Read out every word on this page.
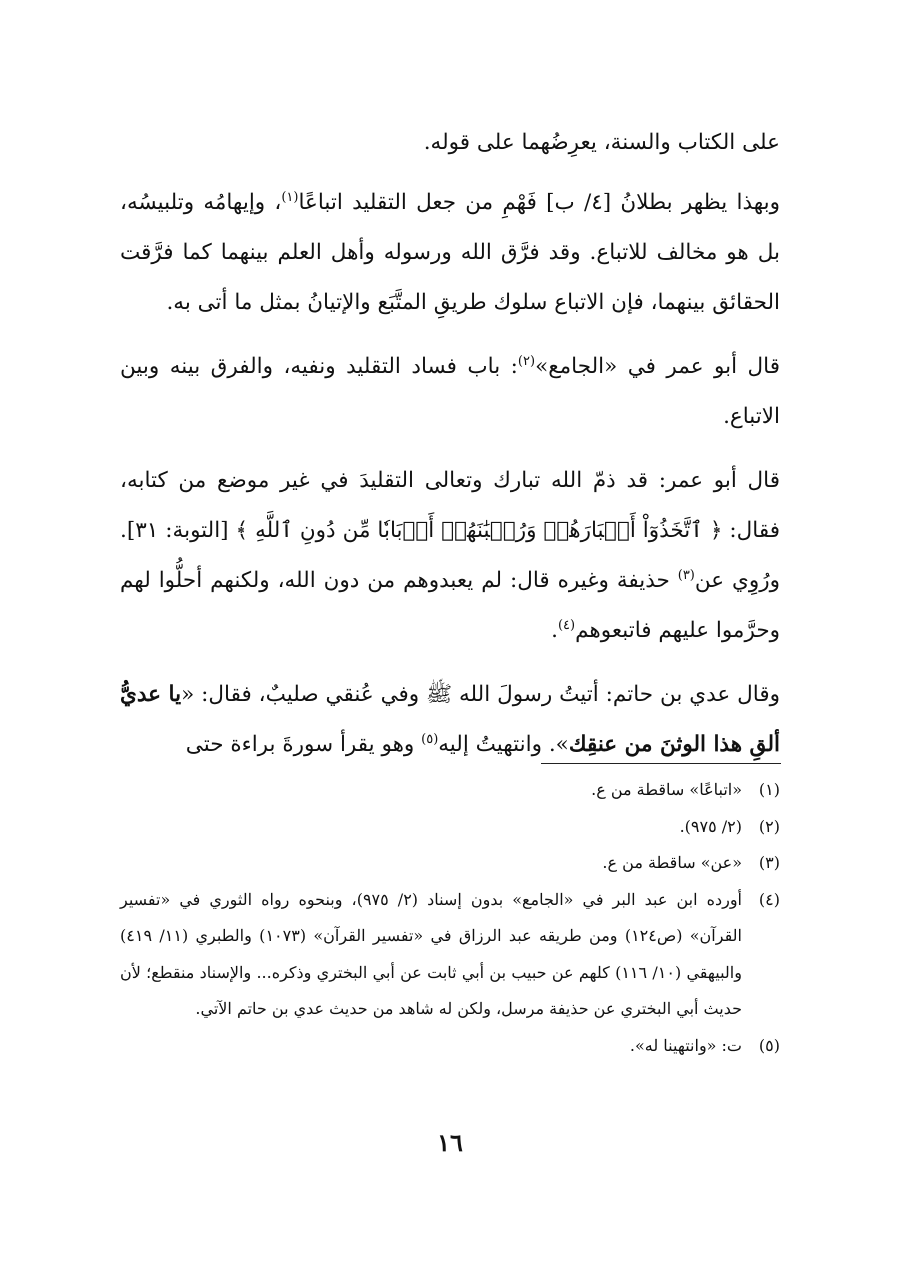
على الكتاب والسنة، يعرِضُهما على قوله.

وبهذا يظهر بطلانُ [٤/ ب] فَهْمِ من جعل التقليد اتباعًا$^{(١)}$، وإيهامُه وتلبيسُه، بل هو مخالف للاتباع. وقد فرَّق الله ورسوله وأهل العلم بينهما كما فرَّقت الحقائق بينهما، فإن الاتباع سلوك طريقِ المتَّبَع والإتيانُ بمثل ما أتى به.

قال أبو عمر في «الجامع»$^{(٢)}$: باب فساد التقليد ونفيه، والفرق بينه وبين الاتباع.

قال أبو عمر: قد ذمّ الله تبارك وتعالى التقليدَ في غير موضع من كتابه، فقال: ﴿ ٱتَّخَذُوٓاْ أَحۡبَارَهُمۡ وَرُهۡبَٰنَهُمۡ أَرۡبَابٗا مِّن دُونِ ٱللَّهِ ﴾ [التوبة: ٣١]. ورُوِي عن$^{(٣)}$ حذيفة وغيره قال: لم يعبدوهم من دون الله، ولكنهم أحلُّوا لهم وحرَّموا عليهم فاتبعوهم$^{(٤)}$.

وقال عدي بن حاتم: أتيتُ رسولَ الله ﷺ وفي عُنقي صليبٌ، فقال: «يا عديُّ ألقِ هذا الوثنَ من عنقِك». وانتهيتُ إليه$^{(٥)}$ وهو يقرأ سورةَ براءة حتى

(١)
«اتباعًا» ساقطة من ع.
(٢)
(٢/ ٩٧٥).
(٣)
«عن» ساقطة من ع.
(٤)
أورده ابن عبد البر في «الجامع» بدون إسناد (٢/ ٩٧٥)، وبنحوه رواه الثوري في «تفسير القرآن» (ص١٢٤) ومن طريقه عبد الرزاق في «تفسير القرآن» (١٠٧٣) والطبري (١١/ ٤١٩) والبيهقي (١٠/ ١١٦) كلهم عن حبيب بن أبي ثابت عن أبي البختري وذكره... والإسناد منقطع؛ لأن حديث أبي البختري عن حذيفة مرسل، ولكن له شاهد من حديث عدي بن حاتم الآتي.
(٥)
ت: «وانتهينا له».
١٦
